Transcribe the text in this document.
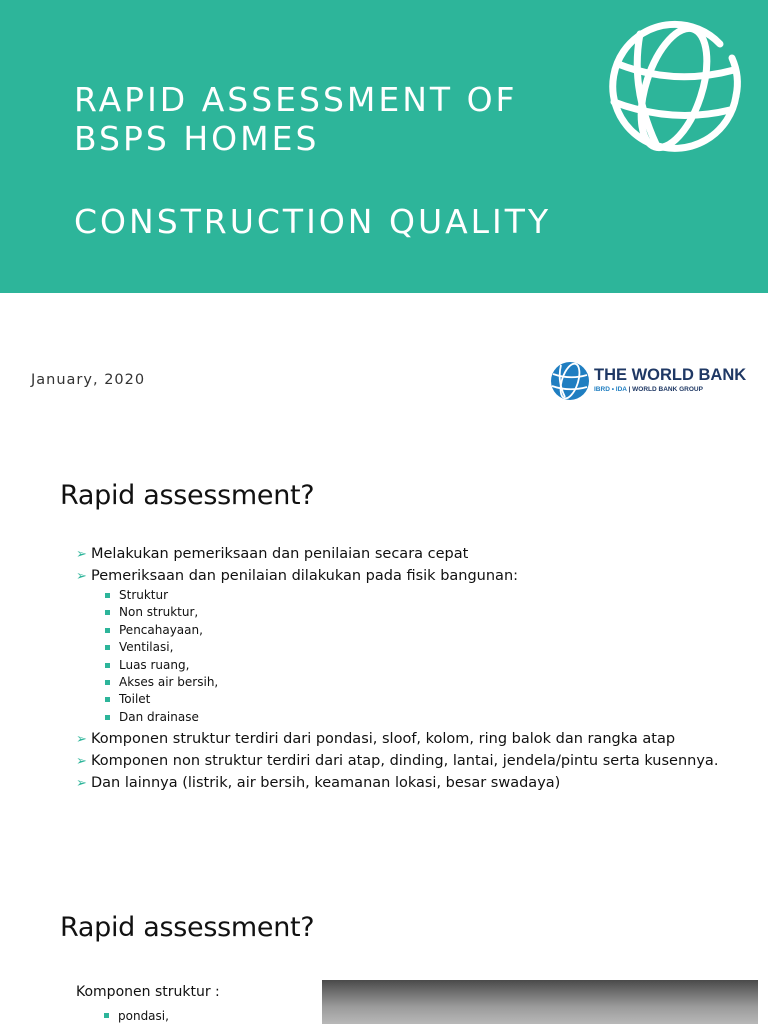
RAPID ASSESSMENT OF
BSPS HOMES
CONSTRUCTION QUALITY
January, 2020	THE WORLD BANK
IBRD • IDA | WORLD BANK GROUP
Rapid assessment?
➢ Melakukan pemeriksaan dan penilaian secara cepat
➢ Pemeriksaan dan penilaian dilakukan pada fisik bangunan:
Struktur
Non struktur,
Pencahayaan,
Ventilasi,
Luas ruang,
Akses air bersih,
Toilet
Dan drainase
➢ Komponen struktur terdiri dari pondasi, sloof, kolom, ring balok dan rangka atap
➢ Komponen non struktur terdiri dari atap, dinding, lantai, jendela/pintu serta kusennya.
➢ Dan lainnya (listrik, air bersih, keamanan lokasi, besar swadaya)
Rapid assessment?
Komponen struktur :
pondasi,
